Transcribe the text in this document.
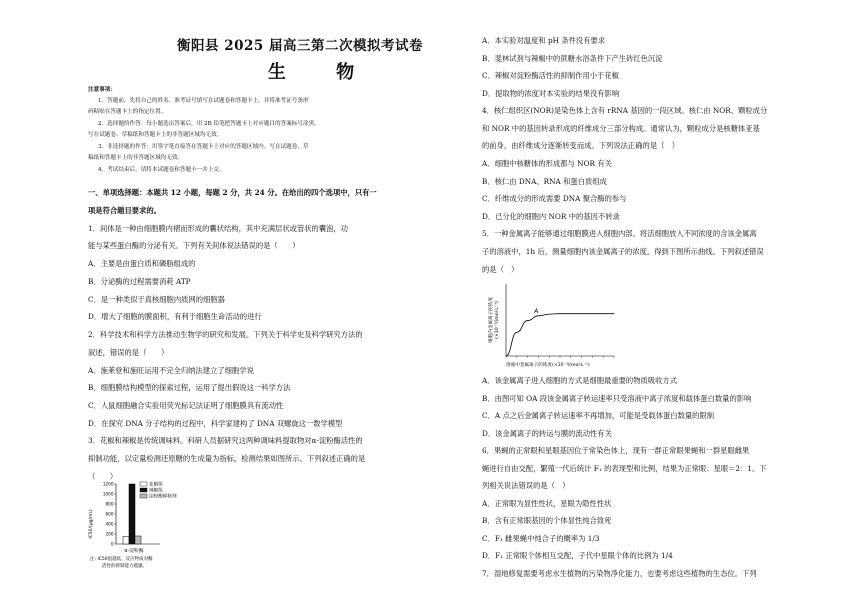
衡阳县 2025 届高三第二次模拟考试卷
生 物
注意事项：
1．答题前，先将自己的姓名、准考证号填写在试题卷和答题卡上，并将准考证号条形
码粘贴在答题卡上的指定位置。
2．选择题的作答：每小题选出答案后，用 2B 铅笔把答题卡上对应题目的答案标号涂黑，
写在试题卷、草稿纸和答题卡上的非答题区域均无效。
3．非选择题的作答：用签字笔直接答在答题卡上对应的答题区域内。写在试题卷、草
稿纸和答题卡上的非答题区域均无效。
4．考试结束后，请将本试题卷和答题卡一并上交。
一、单项选择题：本题共 12 小题，每题 2 分，共 24 分。在给出的四个选项中，只有一
项是符合题目要求的。
1．间体是一种由细胞膜内褶而形成的囊状结构，其中充满层状或管状的囊泡，功
能与某些蛋白酶的分泌有关。下列有关间体说法错误的是（　　）
A．主要是由蛋白质和磷脂组成的
B．分泌酶的过程需要消耗 ATP
C．是一种类似于真核细胞内质网的细胞器
D．增大了细胞的膜面积，有利于细胞生命活动的进行
2．科学技术和科学方法推动生物学的研究和发展。下列关于科学史及科学研究方法的
叙述，错误的是（　　）
A．施莱登和施旺运用不完全归纳法建立了细胞学说
B．细胞膜结构模型的探索过程，运用了提出假说这一科学方法
C．人鼠细胞融合实验用荧光标记法证明了细胞膜具有流动性
D．在探究 DNA 分子结构的过程中，科学家建构了 DNA 双螺旋这一数学模型
3．花椒和辣椒是传统调味料。科研人员据研究这两种调味料提取物对α-淀粉酶活性的
抑制功能，以定量检测还原糖的生成量为指标，检测结果如图所示。下列叙述正确的是
（　　）
IC50/(μg/mL)
1200
1000
800
600
400
200
0
花椒组
辣椒组
淀粉酶抑制剂
α-淀粉酶
注: IC50值越低，反应物质对酶
活性的抑制能力越强。
A．本实验对温度和 pH 条件没有要求
B．斐林试剂与辣椒中的蔗糖水浴条件下产生砖红色沉淀
C．辣椒对淀粉酶活性的抑制作用小于花椒
D．提取物的浓度对本实验的结果没有影响
4．核仁组织区(NOR)是染色体上含有 rRNA 基因的一段区域。核仁由 NOR、颗粒成分
和 NOR 中的基因转录形成的纤维成分三部分构成。通常认为，颗粒成分是核糖体亚基
的前身，由纤维成分逐渐转变而成。下列说法正确的是（　）
A．细胞中核糖体的形成都与 NOR 有关
B．核仁由 DNA、RNA 和蛋白质组成
C．纤维成分的形成需要 DNA 聚合酶的参与
D．已分化的细胞内 NOR 中的基因不转录
5．一种金属离子能够通过细胞膜进入细胞内部。将活细胞放入不同浓度的含该金属离
子的溶液中，1h 后，测量细胞内该金属离子的浓度，得到下图所示曲线。下列叙述错误
的是（　）
细胞内金属离子的浓度 (×10⁻³/(mol·L⁻¹)	A
溶液中金属离子的浓度(×10⁻³/(mol·L⁻¹)
A．该金属离子进入细胞的方式是细胞最重要的物质吸收方式
B．由图可知 OA 段该金属离子转运速率只受溶液中离子浓度和载体蛋白数量的影响
C．A 点之后金属离子转运速率不再增加，可能是受载体蛋白数量的限制
D．该金属离子的转运与膜的流动性有关
6．果蝇的正常眼和星眼基因位于常染色体上，现有一群正常眼果蝇和一群星眼雌果
蝇进行自由交配，繁殖一代后统计 F₁ 的表现型和比例，结果为正常眼：星眼＝2：1。下
列相关说法错误的是（　）
A．正常眼为显性性状，星眼为隐性性状
B．含有正常眼基因的个体显性纯合致死
C．F₁ 雌果蝇中纯合子的概率为 1/3
D．F₁ 正常眼个体相互交配，子代中星眼个体的比例为 1/4
7．湿地修复需要考虑水生植物的污染物净化能力，也要考虑这些植物的生态位。下列
